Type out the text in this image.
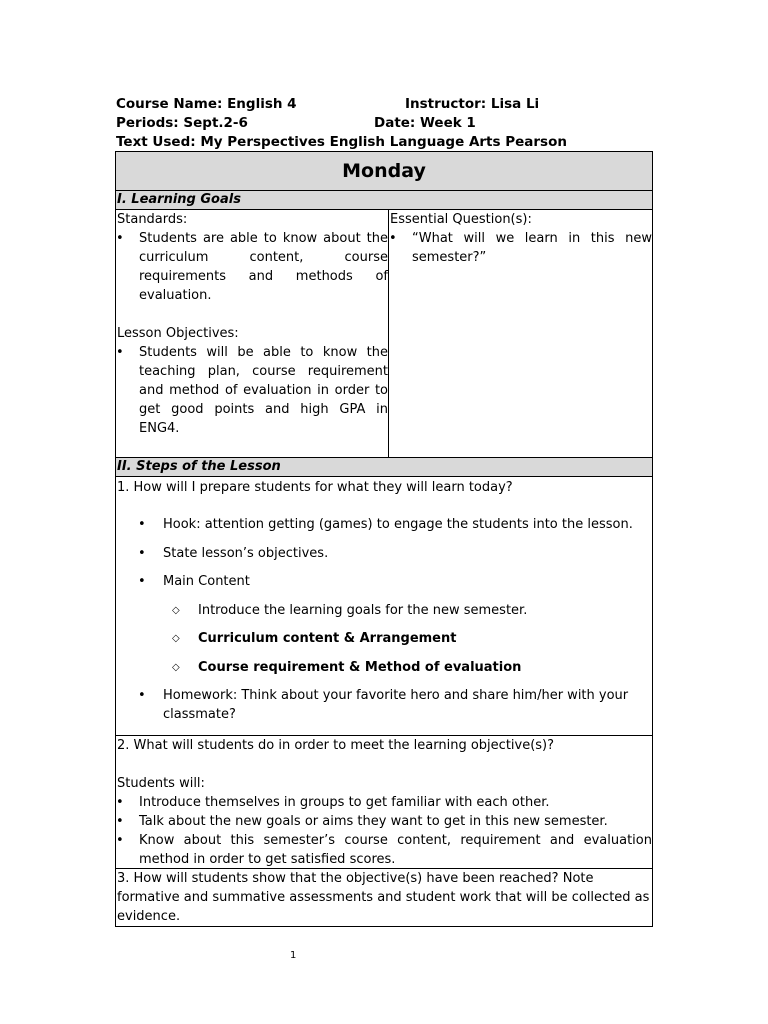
Course Name: English 4	Instructor: Lisa Li
Periods: Sept.2-6	Date: Week 1
Text Used: My Perspectives English Language Arts Pearson
Monday
I. Learning Goals
Standards:
• Students are able to know about the curriculum content, course requirements and methods of evaluation.
Lesson Objectives:
• Students will be able to know the teaching plan, course requirement and method of evaluation in order to get good points and high GPA in ENG4.
Essential Question(s):
• “What will we learn in this new semester?”
II. Steps of the Lesson
1. How will I prepare students for what they will learn today?
• Hook: attention getting (games) to engage the students into the lesson.
• State lesson’s objectives.
• Main Content
◇ Introduce the learning goals for the new semester.
◇ Curriculum content & Arrangement
◇ Course requirement & Method of evaluation
• Homework: Think about your favorite hero and share him/her with your classmate?
2. What will students do in order to meet the learning objective(s)?
Students will:
• Introduce themselves in groups to get familiar with each other.
• Talk about the new goals or aims they want to get in this new semester.
• Know about this semester’s course content, requirement and evaluation method in order to get satisfied scores.
3. How will students show that the objective(s) have been reached? Note formative and summative assessments and student work that will be collected as evidence.
1
